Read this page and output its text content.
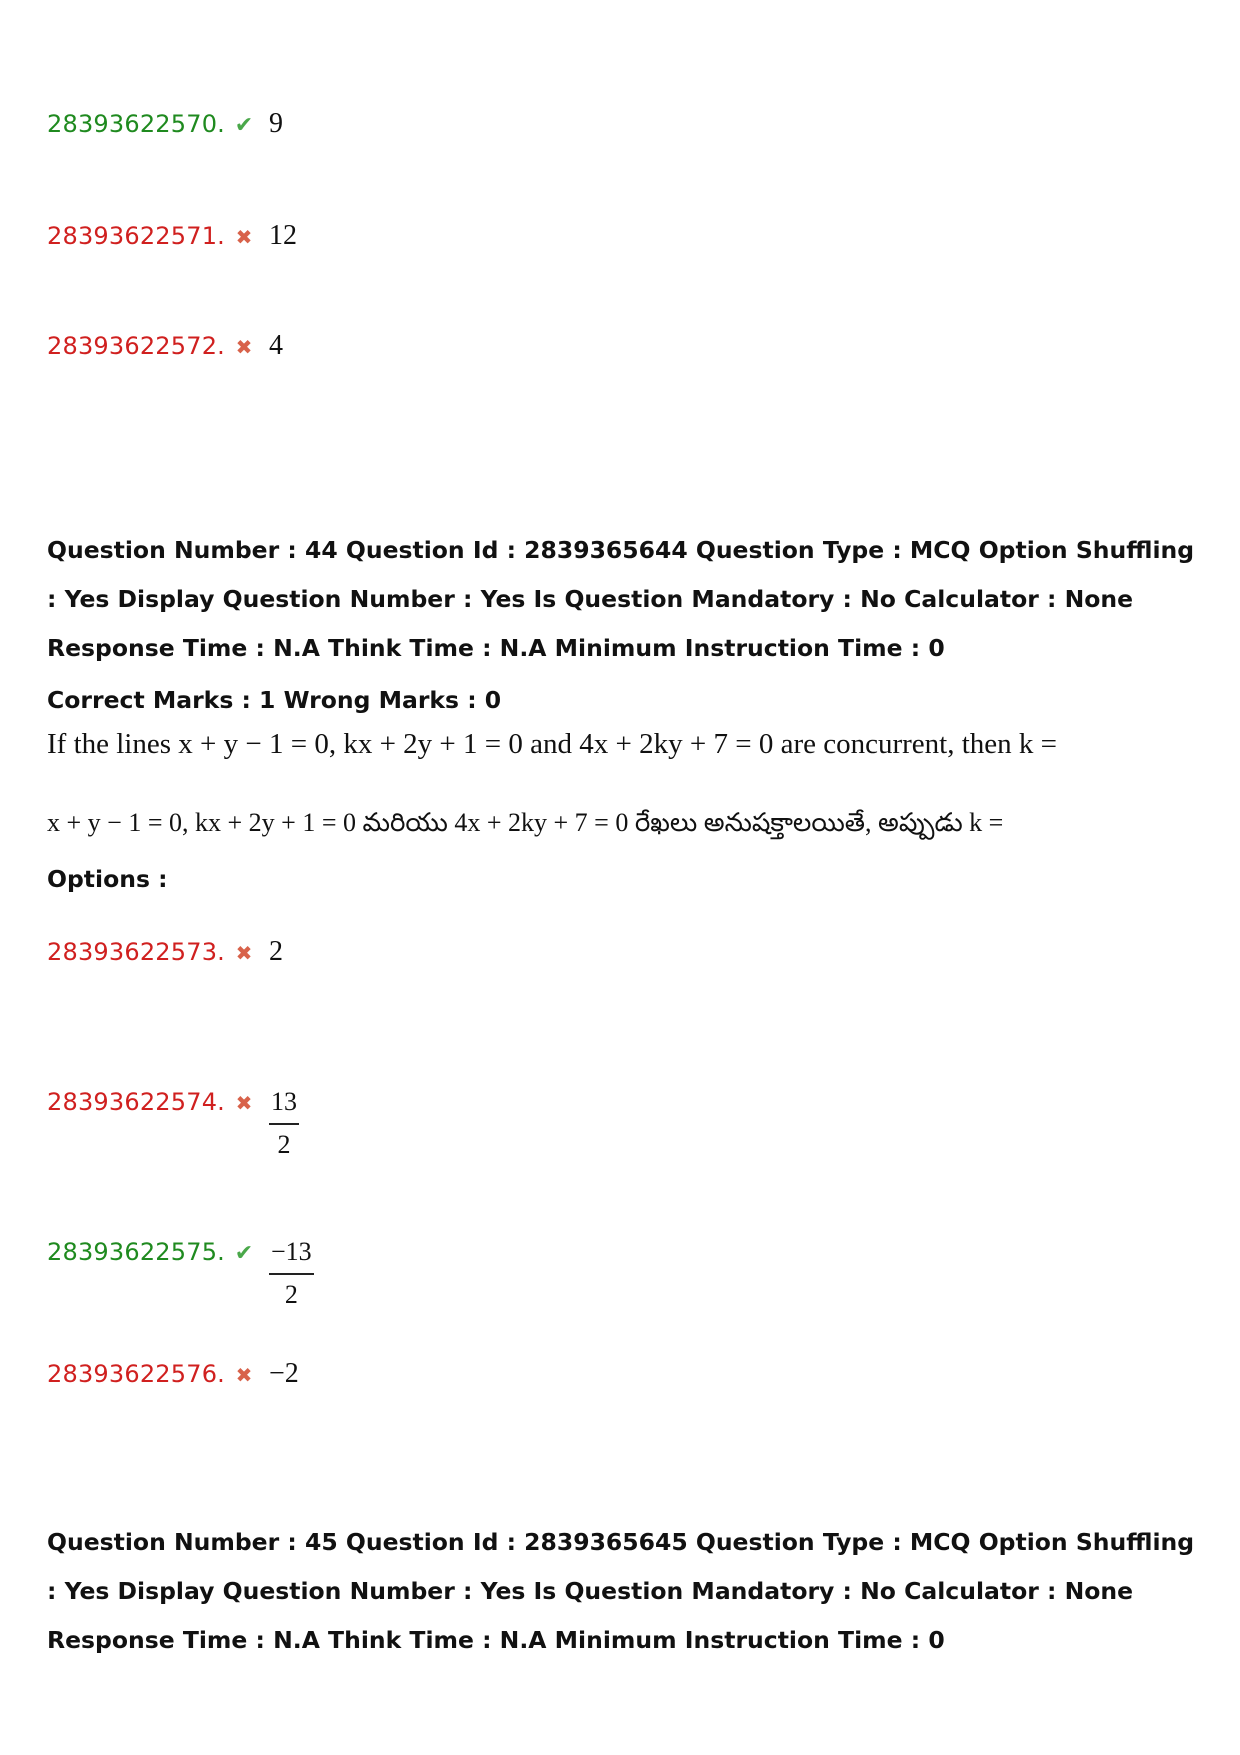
28393622570. ✔ 9
28393622571. ✖ 12
28393622572. ✖ 4
Question Number : 44 Question Id : 2839365644 Question Type : MCQ Option Shuffling : Yes Display Question Number : Yes Is Question Mandatory : No Calculator : None Response Time : N.A Think Time : N.A Minimum Instruction Time : 0
Correct Marks : 1 Wrong Marks : 0
If the lines x + y − 1 = 0, kx + 2y + 1 = 0 and 4x + 2ky + 7 = 0 are concurrent, then k =
x + y − 1 = 0, kx + 2y + 1 = 0 మరియు 4x + 2ky + 7 = 0 రేఖలు అనుషక్తాలయితే, అప్పుడు k =
Options :
28393622573. ✖ 2
28393622574. ✖ $\frac{13}{2}$
28393622575. ✔ $\frac{-13}{2}$
28393622576. ✖ −2
Question Number : 45 Question Id : 2839365645 Question Type : MCQ Option Shuffling : Yes Display Question Number : Yes Is Question Mandatory : No Calculator : None Response Time : N.A Think Time : N.A Minimum Instruction Time : 0
